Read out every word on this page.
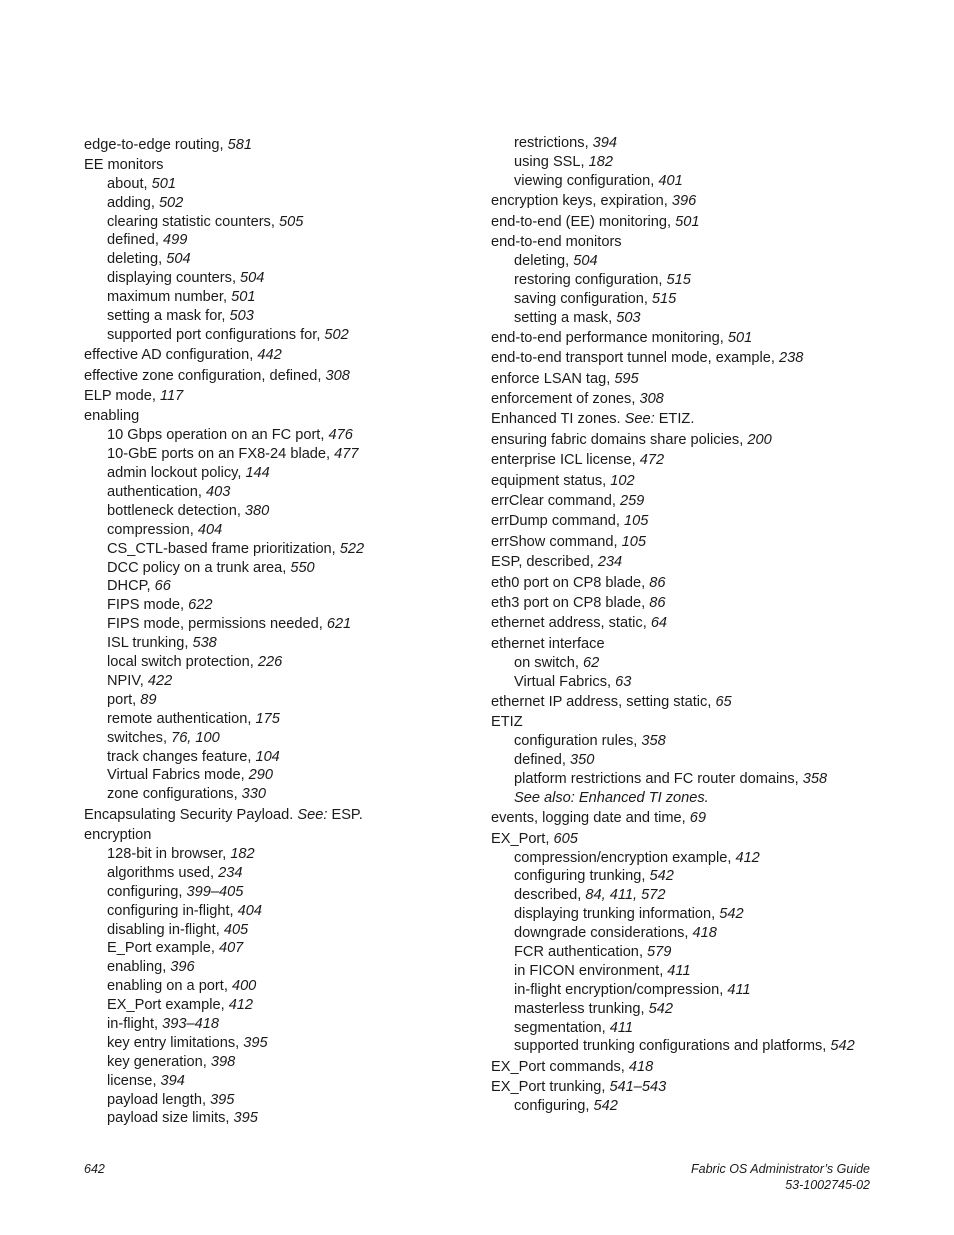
edge-to-edge routing, 581
EE monitors
about, 501
adding, 502
clearing statistic counters, 505
defined, 499
deleting, 504
displaying counters, 504
maximum number, 501
setting a mask for, 503
supported port configurations for, 502
effective AD configuration, 442
effective zone configuration, defined, 308
ELP mode, 117
enabling
10 Gbps operation on an FC port, 476
10-GbE ports on an FX8-24 blade, 477
admin lockout policy, 144
authentication, 403
bottleneck detection, 380
compression, 404
CS_CTL-based frame prioritization, 522
DCC policy on a trunk area, 550
DHCP, 66
FIPS mode, 622
FIPS mode, permissions needed, 621
ISL trunking, 538
local switch protection, 226
NPIV, 422
port, 89
remote authentication, 175
switches, 76, 100
track changes feature, 104
Virtual Fabrics mode, 290
zone configurations, 330
Encapsulating Security Payload. See: ESP.
encryption
128-bit in browser, 182
algorithms used, 234
configuring, 399–405
configuring in-flight, 404
disabling in-flight, 405
E_Port example, 407
enabling, 396
enabling on a port, 400
EX_Port example, 412
in-flight, 393–418
key entry limitations, 395
key generation, 398
license, 394
payload length, 395
payload size limits, 395
restrictions, 394
using SSL, 182
viewing configuration, 401
encryption keys, expiration, 396
end-to-end (EE) monitoring, 501
end-to-end monitors
deleting, 504
restoring configuration, 515
saving configuration, 515
setting a mask, 503
end-to-end performance monitoring, 501
end-to-end transport tunnel mode, example, 238
enforce LSAN tag, 595
enforcement of zones, 308
Enhanced TI zones. See: ETIZ.
ensuring fabric domains share policies, 200
enterprise ICL license, 472
equipment status, 102
errClear command, 259
errDump command, 105
errShow command, 105
ESP, described, 234
eth0 port on CP8 blade, 86
eth3 port on CP8 blade, 86
ethernet address, static, 64
ethernet interface
on switch, 62
Virtual Fabrics, 63
ethernet IP address, setting static, 65
ETIZ
configuration rules, 358
defined, 350
platform restrictions and FC router domains, 358
See also: Enhanced TI zones.
events, logging date and time, 69
EX_Port, 605
compression/encryption example, 412
configuring trunking, 542
described, 84, 411, 572
displaying trunking information, 542
downgrade considerations, 418
FCR authentication, 579
in FICON environment, 411
in-flight encryption/compression, 411
masterless trunking, 542
segmentation, 411
supported trunking configurations and platforms, 542
EX_Port commands, 418
EX_Port trunking, 541–543
configuring, 542
642	Fabric OS Administrator’s Guide
53-1002745-02
